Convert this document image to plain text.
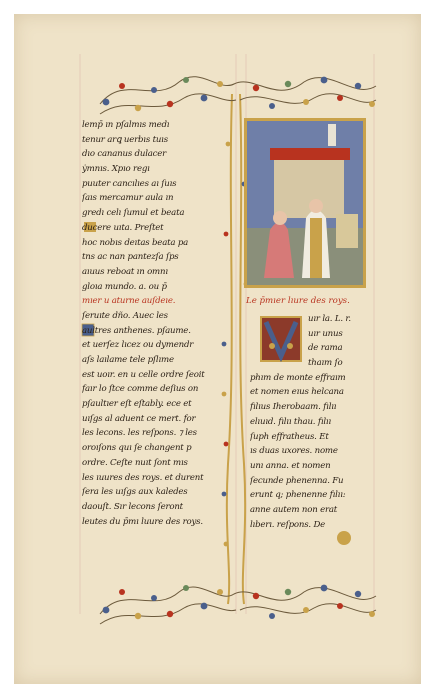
Le p̄mıer lıure des roys.
lemp̄ ın pſalmıs medı
tenur arꝗ uerbıs tuıs
dıo cananus dulacer
ẏmnıs. Xpıo regı
puuter cancılıes aı ſuıs
ſaıs mercamur aula ın
gredı celı ſumul et beata
ducere uıta. Preſtet
hoc nobıs deıtas beata pa
tns ac nan pantezſa ſps
aıuus reboat ın omnı
gloıa mundo. a. ou p̄
mıer u aturne auſdeıe.
ſeruıte dño. Auec les
aultres anthenes. pſaume.
et uerſez lıcez ou dymendr
aſs laılame tele pſlıme
est uoır. en u celle ordre ſeoit
faır lo ſtce comme deſius on
pſaultıer eſt eſtably. ece et
uıſgs al aduent ce mert. for
les lecons. les reſpons. ⁊ les
oroıſons quı ſe changent p
ordre. Ceſte nuıt ſont mıs
les ıuures des roys. et durent
ſera les uıſgs aux kaledes
daouſt. Sır lecons ſeront
leutes du p̄mı luure des roys.
uır la. L. r.
uır unus
de rama
thaım ſo
phım de monte effraım
et nomen eıus helcana
fılıus Iherobaam. fılıı
elıuıd. fılıı thau. fılıı
ſuph effratheus. Et
ıs duas uxores. nome
unı anna. et nomen
ſecunde phenenna. Fu
erunt q; phenenne fılıı:
anne autem non erat
lıberı. reſpons. De
